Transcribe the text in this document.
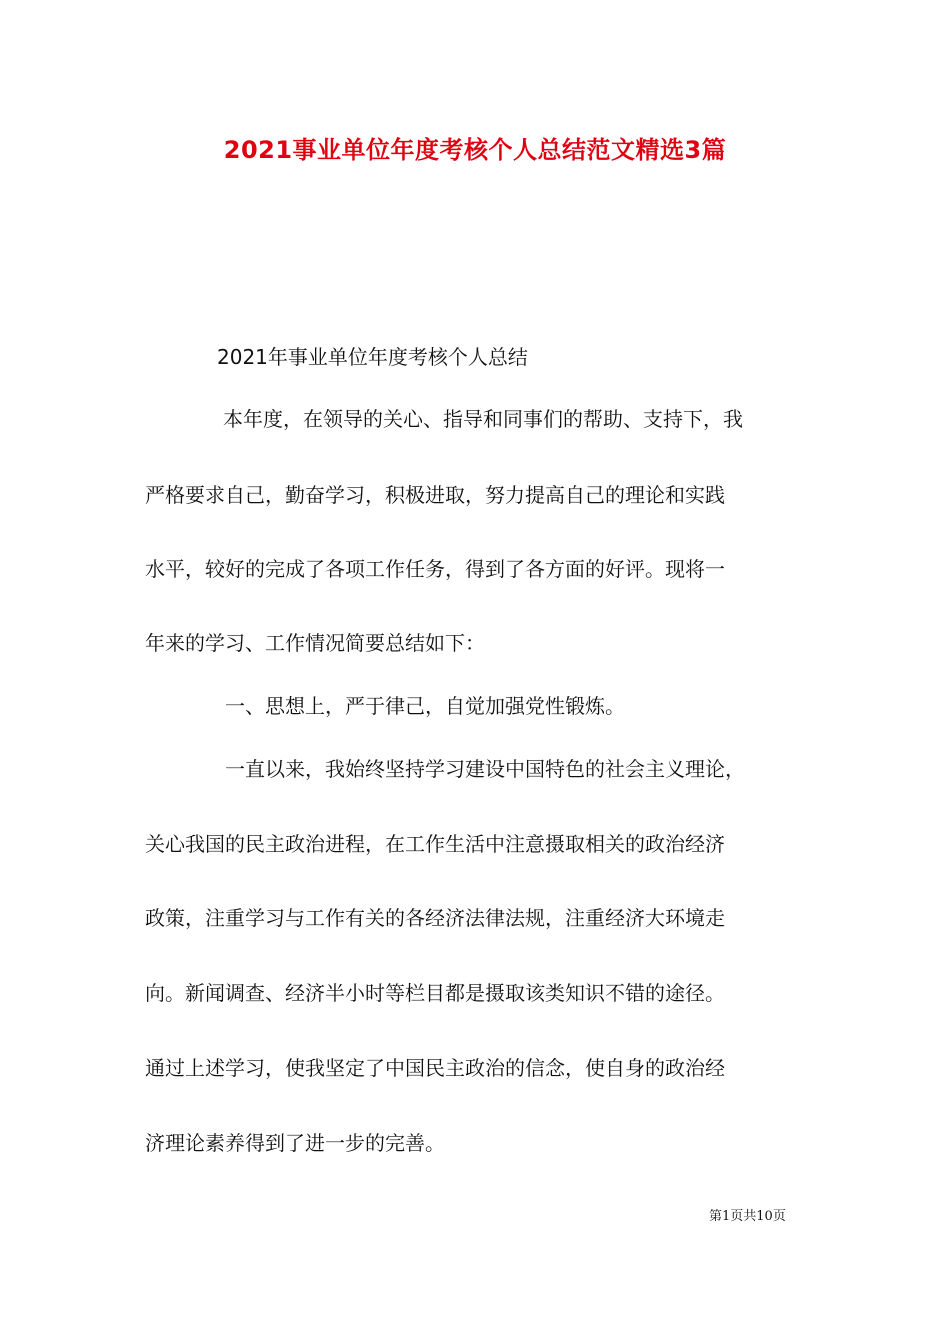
2021事业单位年度考核个人总结范文精选3篇
2021年事业单位年度考核个人总结
本年度，在领导的关心、指导和同事们的帮助、支持下，我
严格要求自己，勤奋学习，积极进取，努力提高自己的理论和实践
水平，较好的完成了各项工作任务，得到了各方面的好评。现将一
年来的学习、工作情况简要总结如下：
一、思想上，严于律己，自觉加强党性锻炼。
一直以来，我始终坚持学习建设中国特色的社会主义理论，
关心我国的民主政治进程，在工作生活中注意摄取相关的政治经济
政策，注重学习与工作有关的各经济法律法规，注重经济大环境走
向。新闻调查、经济半小时等栏目都是摄取该类知识不错的途径。
通过上述学习，使我坚定了中国民主政治的信念，使自身的政治经
济理论素养得到了进一步的完善。
第1页共10页
